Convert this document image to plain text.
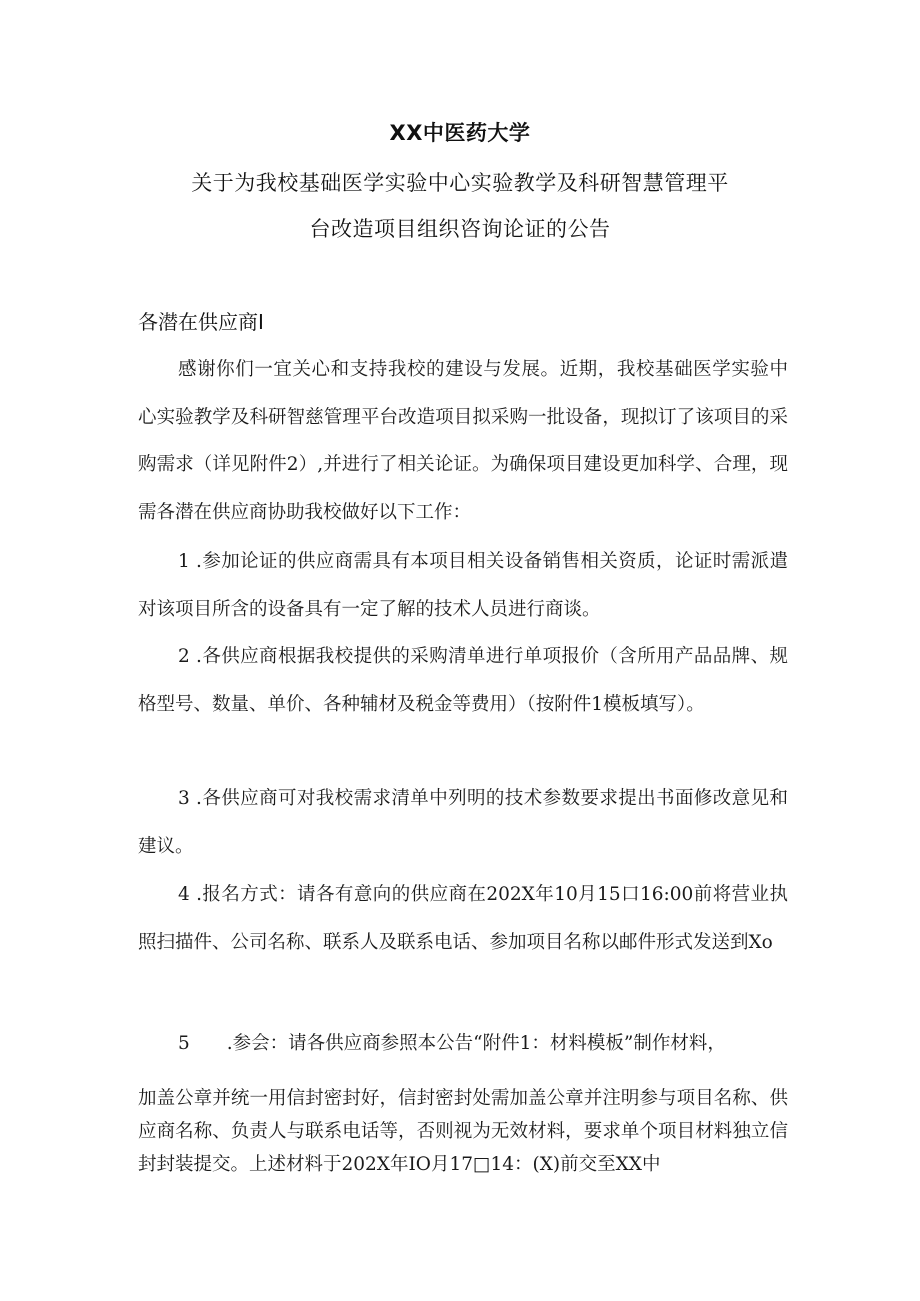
XX中医药大学
关于为我校基础医学实验中心实验教学及科研智慧管理平
台改造项目组织咨询论证的公告
各潜在供应商I
感谢你们一宜关心和支持我校的建设与发展。近期，我校基础医学实验中心实验教学及科研智慈管理平台改造项目拟采购一批设备，现拟订了该项目的采购需求（详见附件2）,并进行了相关论证。为确保项目建设更加科学、合理，现需各潜在供应商协助我校做好以下工作：
1 .参加论证的供应商需具有本项目相关设备销售相关资质，论证时需派遣对该项目所含的设备具有一定了解的技术人员进行商谈。
2 .各供应商根据我校提供的采购清单进行单项报价（含所用产品品牌、规格型号、数量、单价、各种辅材及税金等费用）（按附件1模板填写）。
3 .各供应商可对我校需求清单中列明的技术参数要求提出书面修改意见和建议。
4 .报名方式：请各有意向的供应商在202X年10月15口16:00前将营业执照扫描件、公司名称、联系人及联系电话、参加项目名称以邮件形式发送到Xo
5　　.参会：请各供应商参照本公告“附件1：材料模板”制作材料，
加盖公章并统一用信封密封好，信封密封处需加盖公章并注明参与项目名称、供应商名称、负责人与联系电话等，否则视为无效材料，要求单个项目材料独立信封封装提交。上述材料于202X年IO月17□14：(X)前交至XX中
